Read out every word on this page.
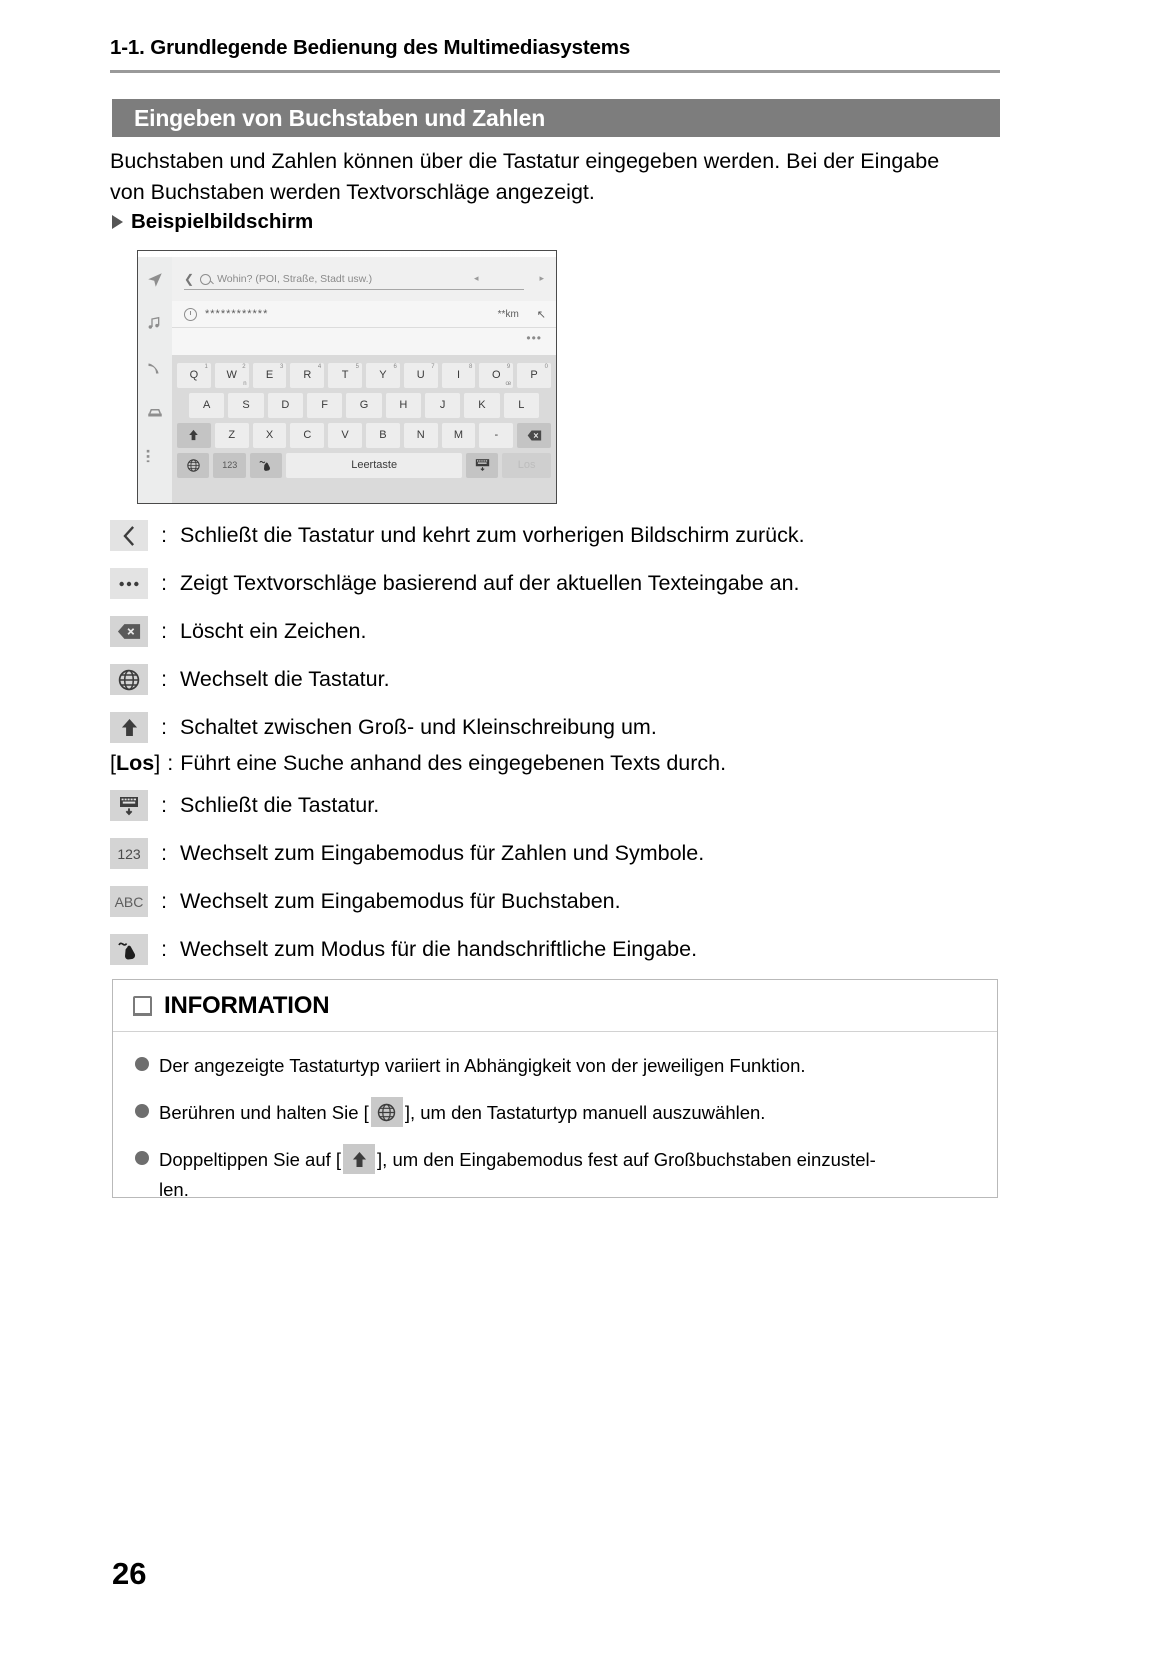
1-1. Grundlegende Bedienung des Multimediasystems
Eingeben von Buchstaben und Zahlen
Buchstaben und Zahlen können über die Tastatur eingegeben werden. Bei der Eingabe von Buchstaben werden Textvorschläge angezeigt.
Beispielbildschirm
❮ Wohin? (POI, Straße, Stadt usw.)	◂	▸
************	**km ↖
•••
Q
1
W
2
n
E
3
R
4
T
5
Y
6
U
7
I
8
O
9
œ
P
0
A	S	D	F	G	H	J	K	L
Z	X	C	V	B	N	M	-
123	Leertaste	Los
: Schließt die Tastatur und kehrt zum vorherigen Bildschirm zurück.
: Zeigt Textvorschläge basierend auf der aktuellen Texteingabe an.
: Löscht ein Zeichen.
: Wechselt die Tastatur.
: Schaltet zwischen Groß- und Kleinschreibung um.
[ Los ] : Führt eine Suche anhand des eingegebenen Texts durch.
: Schließt die Tastatur.
123 : Wechselt zum Eingabemodus für Zahlen und Symbole.
ABC : Wechselt zum Eingabemodus für Buchstaben.
: Wechselt zum Modus für die handschriftliche Eingabe.
INFORMATION
Der angezeigte Tastaturtyp variiert in Abhängigkeit von der jeweiligen Funktion.
Berühren und halten Sie [ ], um den Tastaturtyp manuell auszuwählen.
Doppeltippen Sie auf [ ], um den Eingabemodus fest auf Großbuchstaben einzustel-
len.
26
